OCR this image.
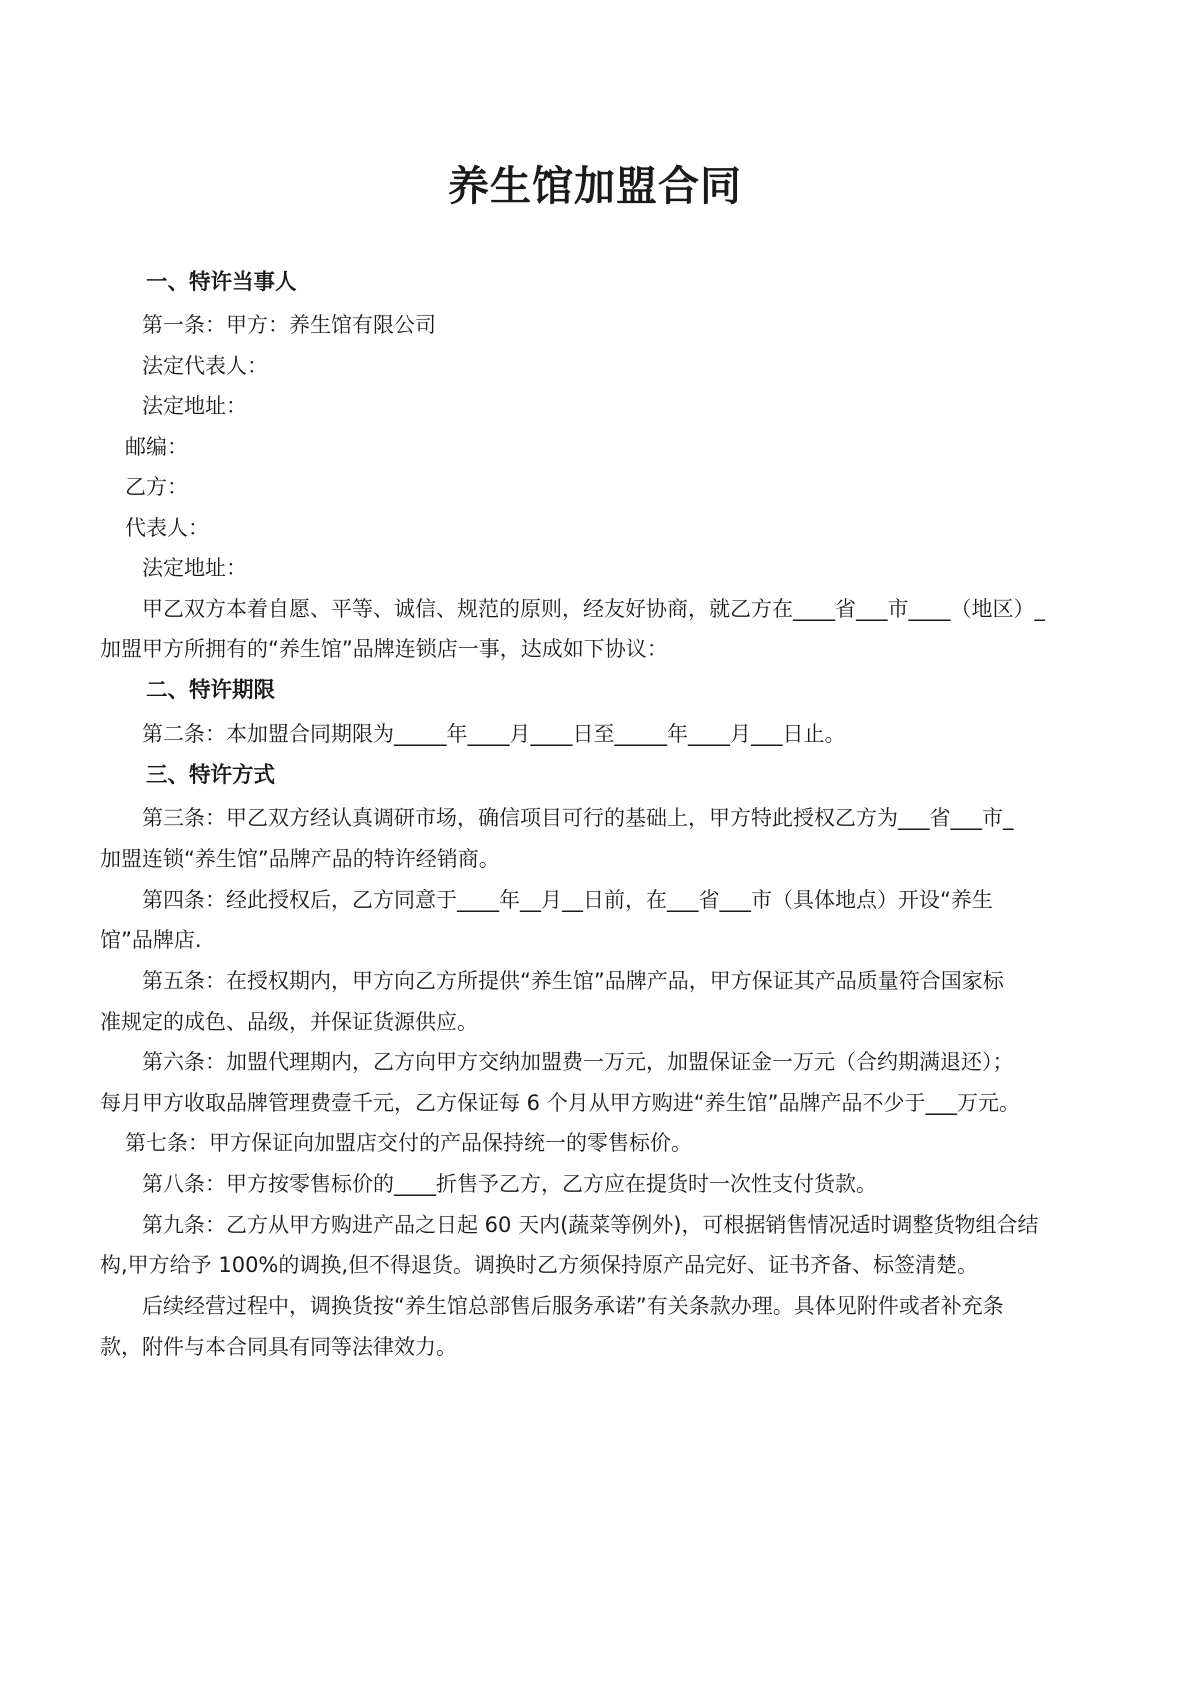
养生馆加盟合同
一、特许当事人
第一条：甲方：养生馆有限公司
法定代表人：
法定地址：
邮编：
乙方：
代表人：
法定地址：
甲乙双方本着自愿、平等、诚信、规范的原则，经友好协商，就乙方在____省___市____（地区）_
加盟甲方所拥有的“养生馆”品牌连锁店一事，达成如下协议：
二、特许期限
第二条：本加盟合同期限为_____年____月____日至_____年____月___日止。
三、特许方式
第三条：甲乙双方经认真调研市场，确信项目可行的基础上，甲方特此授权乙方为___省___市_
加盟连锁“养生馆”品牌产品的特许经销商。
第四条：经此授权后，乙方同意于____年__月__日前，在___省___市（具体地点）开设“养生
馆”品牌店.
第五条：在授权期内，甲方向乙方所提供“养生馆”品牌产品，甲方保证其产品质量符合国家标
准规定的成色、品级，并保证货源供应。
第六条：加盟代理期内，乙方向甲方交纳加盟费一万元，加盟保证金一万元（合约期满退还）；
每月甲方收取品牌管理费壹千元，乙方保证每 6 个月从甲方购进“养生馆”品牌产品不少于___万元。
第七条：甲方保证向加盟店交付的产品保持统一的零售标价。
第八条：甲方按零售标价的____折售予乙方，乙方应在提货时一次性支付货款。
第九条：乙方从甲方购进产品之日起 60 天内(蔬菜等例外)，可根据销售情况适时调整货物组合结
构,甲方给予 100%的调换,但不得退货。调换时乙方须保持原产品完好、证书齐备、标签清楚。
后续经营过程中，调换货按“养生馆总部售后服务承诺”有关条款办理。具体见附件或者补充条
款，附件与本合同具有同等法律效力。
